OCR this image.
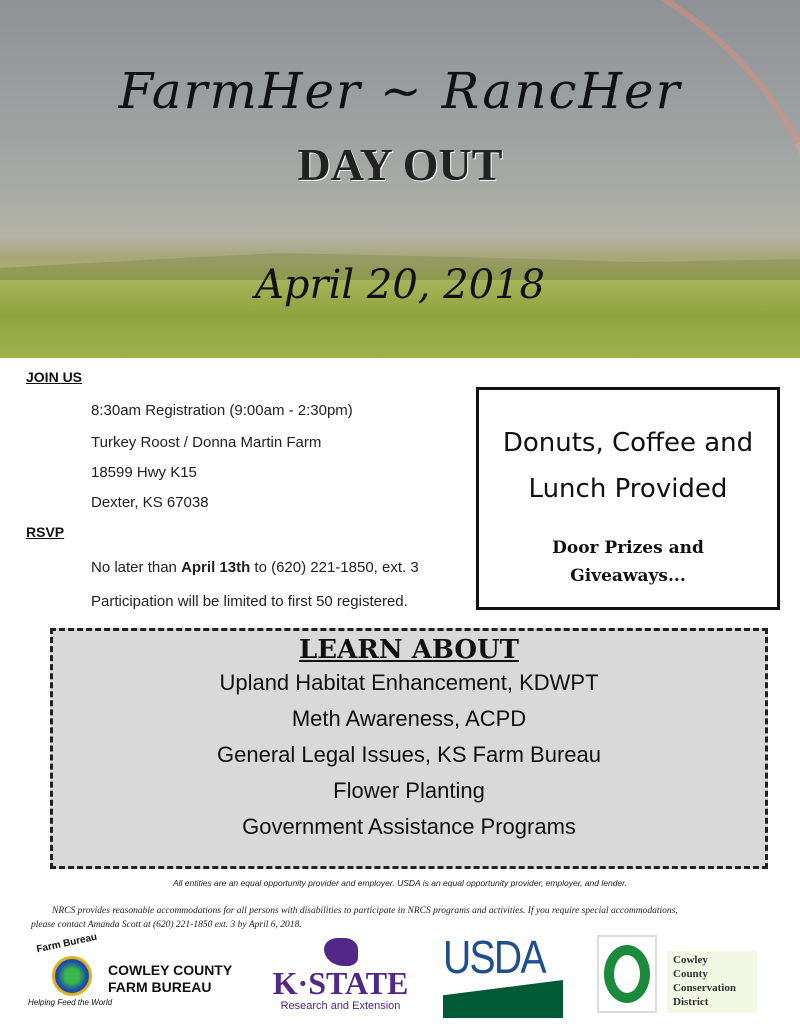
FarmHer ~ RancHer
DAY OUT
April 20, 2018
JOIN US
8:30am Registration (9:00am - 2:30pm)
Turkey Roost / Donna Martin Farm
18599 Hwy K15
Dexter, KS 67038
RSVP
No later than April 13th to (620) 221-1850, ext. 3
Participation will be limited to first 50 registered.
Donuts, Coffee and
Lunch Provided
Door Prizes and
Giveaways...
LEARN ABOUT
Upland Habitat Enhancement, KDWPT
Meth Awareness, ACPD
General Legal Issues, KS Farm Bureau
Flower Planting
Government Assistance Programs
All entities are an equal opportunity provider and employer. USDA is an equal opportunity provider, employer, and lender.
NRCS provides reasonable accommodations for all persons with disabilities to participate in NRCS programs and activities. If you require special accommodations,
please contact Amanda Scott at (620) 221-1850 ext. 3 by April 6, 2018.
Farm Bureau
Helping Feed the World
COWLEY COUNTY
FARM BUREAU	K·STATE
Research and Extension
USDA	Cowley
County
Conservation
District
